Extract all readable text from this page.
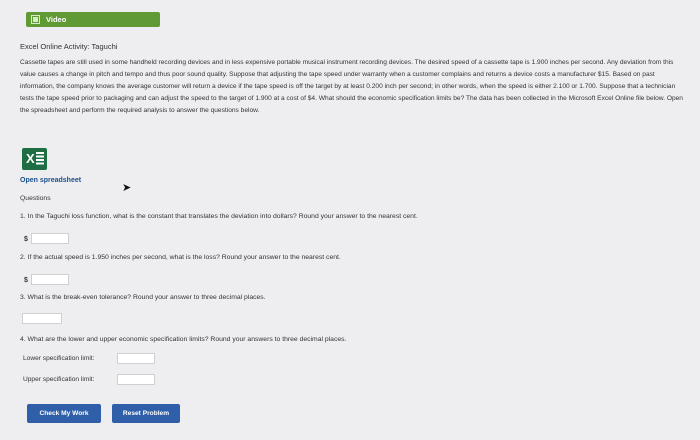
Video
Excel Online Activity: Taguchi

Cassette tapes are still used in some handheld recording devices and in less expensive portable musical instrument recording devices. The desired speed of a cassette tape is 1.900 inches per second. Any deviation from this value causes a change in pitch and tempo and thus poor sound quality. Suppose that adjusting the tape speed under warranty when a customer complains and returns a device costs a manufacturer $15. Based on past information, the company knows the average customer will return a device if the tape speed is off the target by at least 0.200 inch per second; in other words, when the speed is either 2.100 or 1.700. Suppose that a technician tests the tape speed prior to packaging and can adjust the speed to the target of 1.900 at a cost of $4. What should the economic specification limits be? The data has been collected in the Microsoft Excel Online file below. Open the spreadsheet and perform the required analysis to answer the questions below.

X
Open spreadsheet
➤
Questions
1. In the Taguchi loss function, what is the constant that translates the deviation into dollars? Round your answer to the nearest cent.
$
2. If the actual speed is 1.950 inches per second, what is the loss? Round your answer to the nearest cent.
$
3. What is the break-even tolerance? Round your answer to three decimal places.
4. What are the lower and upper economic specification limits? Round your answers to three decimal places.
Lower specification limit:
Upper specification limit:
Check My Work	Reset Problem
